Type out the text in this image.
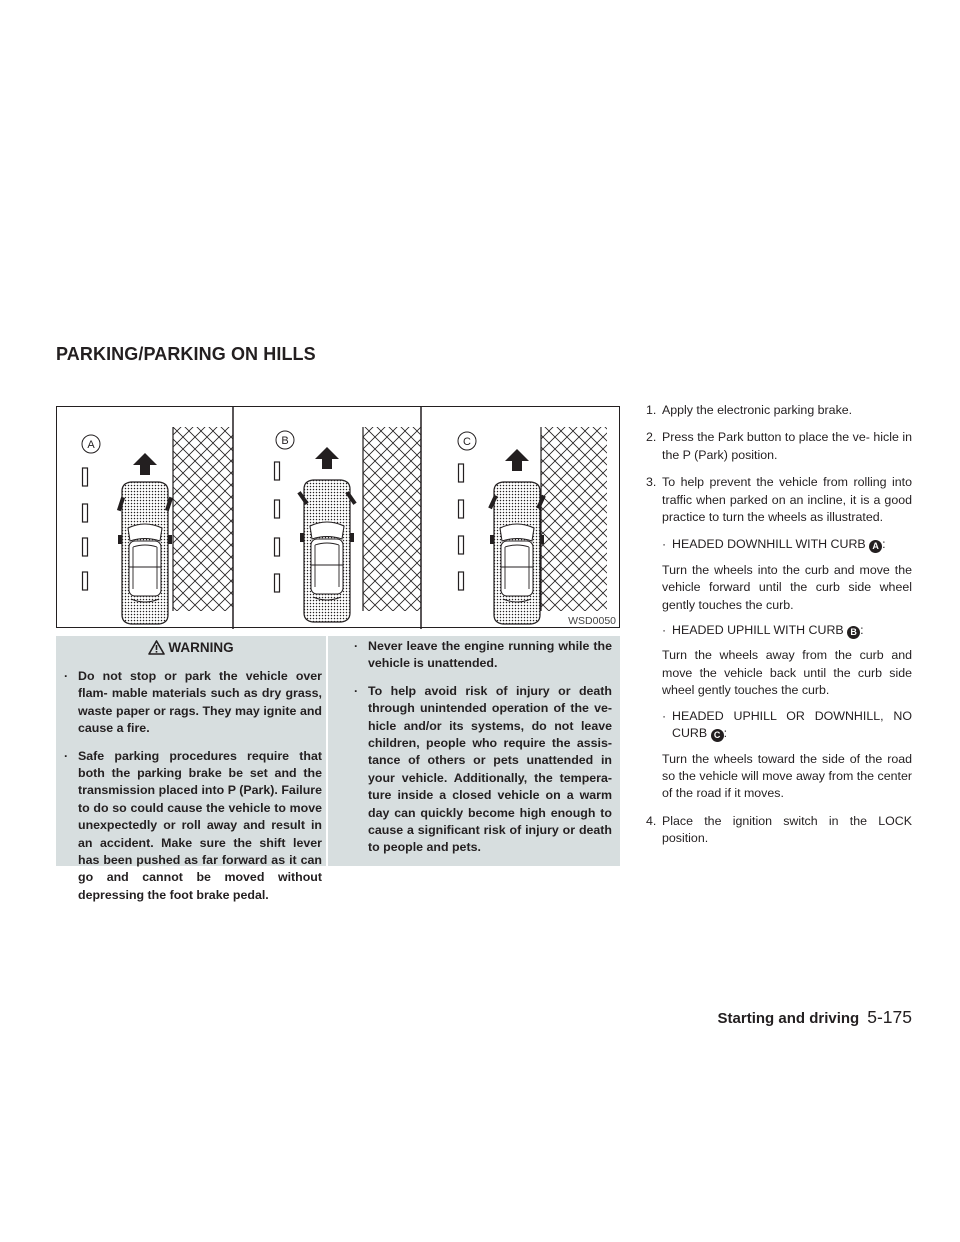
PARKING/PARKING ON HILLS
A	B	C
WSD0050
WARNING

· Do not stop or park the vehicle over flam- mable materials such as dry grass, waste paper or rags. They may ignite and cause a fire.

· Safe parking procedures require that both the parking brake be set and the transmission placed into P (Park). Failure to do so could cause the vehicle to move unexpectedly or roll away and result in an accident. Make sure the shift lever has been pushed as far forward as it can go and cannot be moved without depressing the foot brake pedal.

· Never leave the engine running while the vehicle is unattended.

· To help avoid risk of injury or death through unintended operation of the ve- hicle and/or its systems, do not leave children, people who require the assis- tance of others or pets unattended in your vehicle. Additionally, the tempera- ture inside a closed vehicle on a warm day can quickly become high enough to cause a significant risk of injury or death to people and pets.

1. Apply the electronic parking brake.
2. Press the Park button to place the ve- hicle in the P (Park) position.
3. To help prevent the vehicle from rolling into traffic when parked on an incline, it is a good practice to turn the wheels as illustrated.
· HEADED DOWNHILL WITH CURB A :
Turn the wheels into the curb and move the vehicle forward until the curb side wheel gently touches the curb.
· HEADED UPHILL WITH CURB B :
Turn the wheels away from the curb and move the vehicle back until the curb side wheel gently touches the curb.
· HEADED UPHILL OR DOWNHILL, NO CURB C :
Turn the wheels toward the side of the road so the vehicle will move away from the center of the road if it moves.
4. Place the ignition switch in the LOCK position.
Starting and driving 5-175
